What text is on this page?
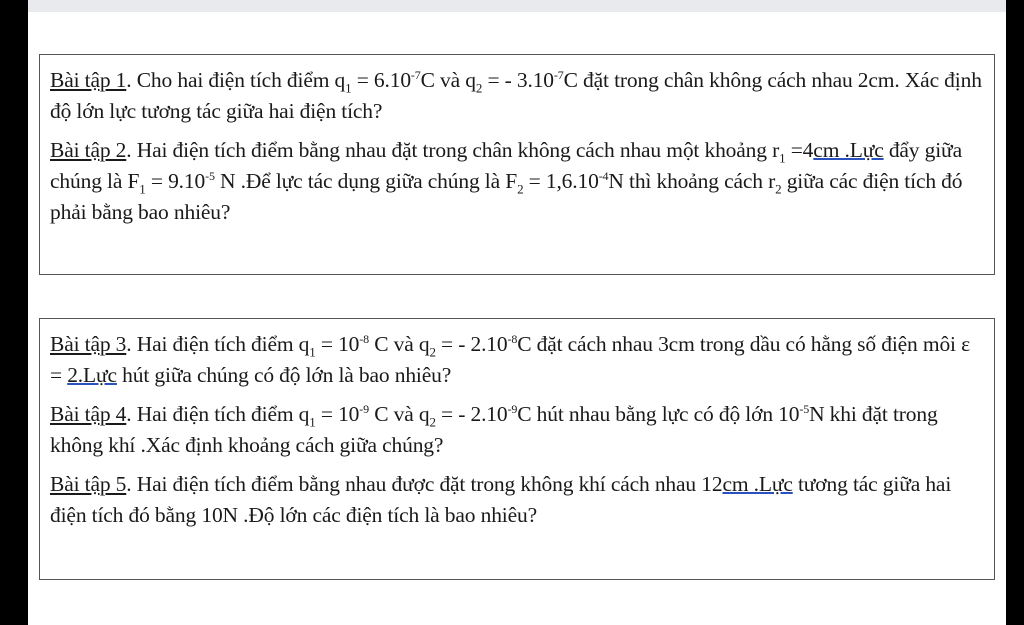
Bài tập 1. Cho hai điện tích điểm $q_1 = 6.10^{-7}C$ và $q_2$ = - $3.10^{-7}C$ đặt trong chân không cách nhau 2cm. Xác định độ lớn lực tương tác giữa hai điện tích?

Bài tập 2. Hai điện tích điểm bằng nhau đặt trong chân không cách nhau một khoảng $r_1 =4cm$ .Lực đẩy giữa chúng là $F_1 = 9.10^{-5}$ N .Để lực tác dụng giữa chúng là $F_2 = 1,6.10^{-4}N$ thì khoảng cách $r_2$ giữa các điện tích đó phải bằng bao nhiêu?

Bài tập 3. Hai điện tích điểm $q_1 = 10^{-8}$ C và $q_2$ = - $2.10^{-8}C$ đặt cách nhau 3cm trong dầu có hằng số điện môi ε = 2.Lực hút giữa chúng có độ lớn là bao nhiêu?

Bài tập 4. Hai điện tích điểm $q_1 = 10^{-9}$ C và $q_2$ = - $2.10^{-9}C$ hút nhau bằng lực có độ lớn $10^{-5}N$ khi đặt trong không khí .Xác định khoảng cách giữa chúng?

Bài tập 5. Hai điện tích điểm bằng nhau được đặt trong không khí cách nhau 12cm .Lực tương tác giữa hai điện tích đó bằng 10N .Độ lớn các điện tích là bao nhiêu?
